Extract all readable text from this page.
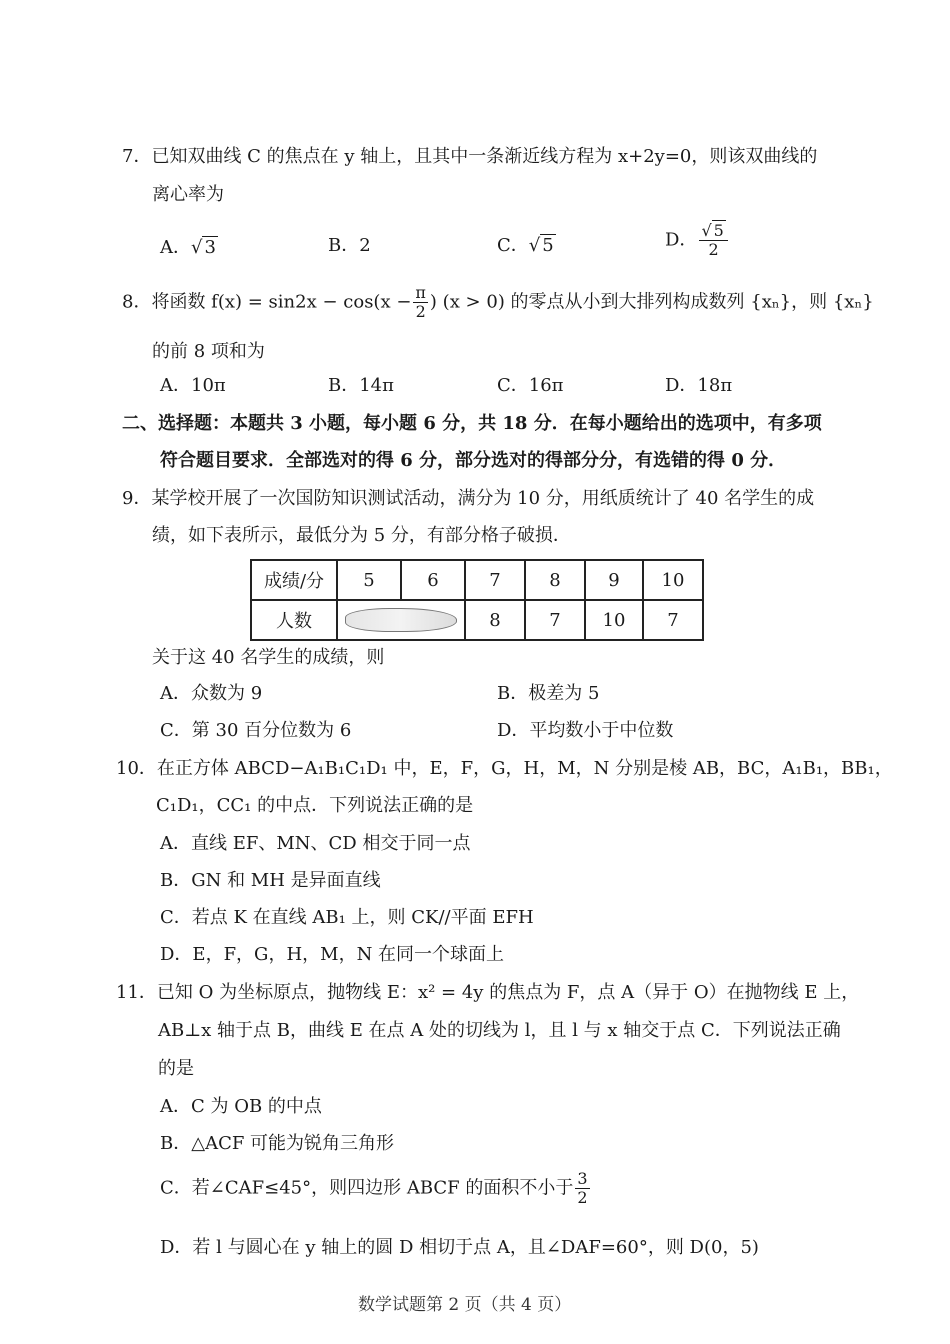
7．已知双曲线 C 的焦点在 y 轴上，且其中一条渐近线方程为 x+2y=0，则该双曲线的
离心率为
A．√ 3	B．2	C．√ 5	D． $\frac{√ 5}{2}$
8．将函数 $f(x) = \sin 2x - \cos(x - \frac{\pi}{2}$ ) (x > 0) 的零点从小到大排列构成数列 {xₙ}，则 {xₙ}
的前 8 项和为
A．10π	B．14π	C．16π	D．18π
二、选择题：本题共 3 小题，每小题 6 分，共 18 分．在每小题给出的选项中，有多项
符合题目要求．全部选对的得 6 分，部分选对的得部分分，有选错的得 0 分．
9．某学校开展了一次国防知识测试活动，满分为 10 分，用纸质统计了 40 名学生的成
绩，如下表所示，最低分为 5 分，有部分格子破损．
成绩/分	5	6	7	8	9	10
人数			8	7	10	7
关于这 40 名学生的成绩，则
A．众数为 9	B．极差为 5
C．第 30 百分位数为 6	D．平均数小于中位数
10．在正方体 ABCD−A₁B₁C₁D₁ 中，E，F，G，H，M，N 分别是棱 AB，BC，A₁B₁，BB₁，
C₁D₁，CC₁ 的中点．下列说法正确的是
A．直线 EF、MN、CD 相交于同一点
B．GN 和 MH 是异面直线
C．若点 K 在直线 AB₁ 上，则 CK//平面 EFH
D．E，F，G，H，M，N 在同一个球面上
11．已知 O 为坐标原点，抛物线 E：x² = 4y 的焦点为 F，点 A（异于 O）在抛物线 E 上，
AB⊥x 轴于点 B，曲线 E 在点 A 处的切线为 l，且 l 与 x 轴交于点 C．下列说法正确
的是
A．C 为 OB 的中点
B．△ACF 可能为锐角三角形
C．若∠CAF≤45°，则四边形 ABCF 的面积不小于 $\frac{3}{2}$
D．若 l 与圆心在 y 轴上的圆 D 相切于点 A，且∠DAF=60°，则 D(0，5)
数学试题第 2 页（共 4 页）
